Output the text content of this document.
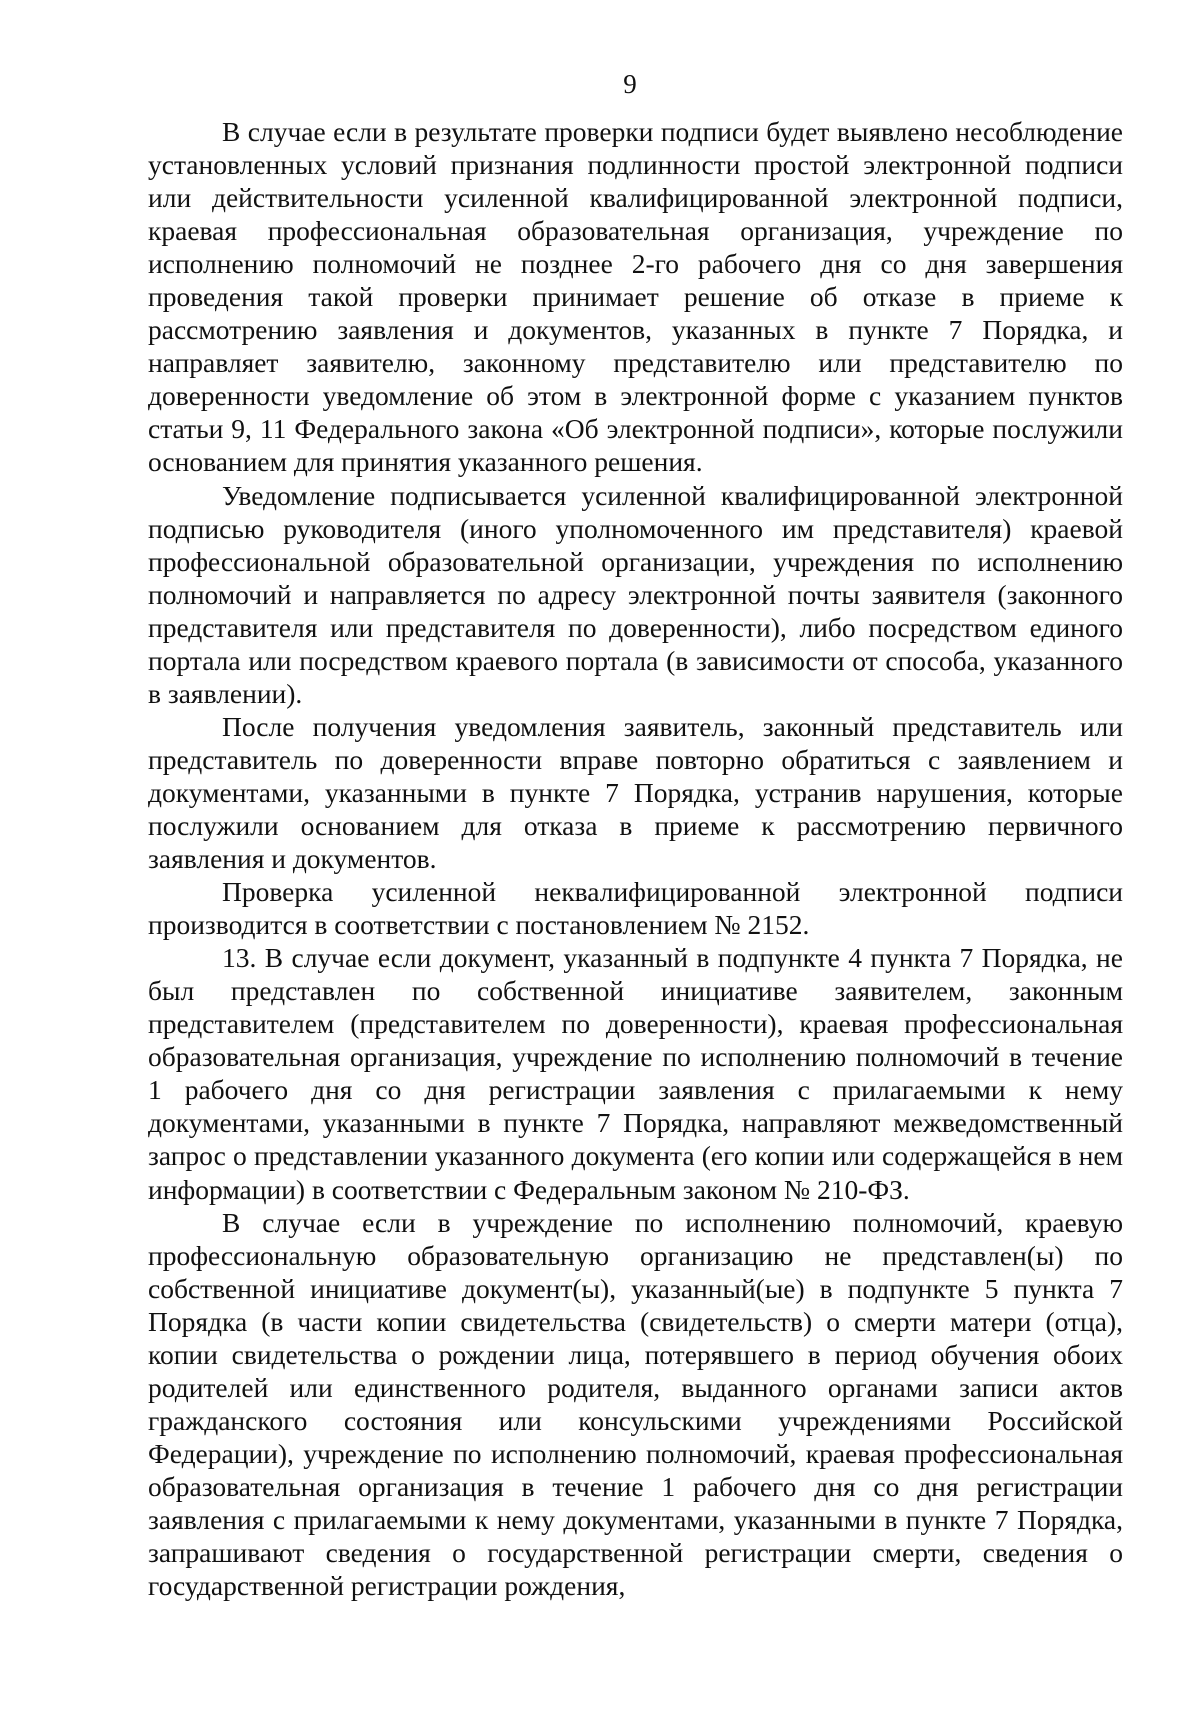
9

В случае если в результате проверки подписи будет выявлено несоблюдение установленных условий признания подлинности простой электронной подписи или действительности усиленной квалифицированной электронной подписи, краевая профессиональная образовательная организация, учреждение по исполнению полномочий не позднее 2-го рабочего дня со дня завершения проведения такой проверки принимает решение об отказе в приеме к рассмотрению заявления и документов, указанных в пункте 7 Порядка, и направляет заявителю, законному представителю или представителю по доверенности уведомление об этом в электронной форме с указанием пунктов статьи 9, 11 Федерального закона «Об электронной подписи», которые послужили основанием для принятия указанного решения.

Уведомление подписывается усиленной квалифицированной электронной подписью руководителя (иного уполномоченного им представителя) краевой профессиональной образовательной организации, учреждения по исполнению полномочий и направляется по адресу электронной почты заявителя (законного представителя или представителя по доверенности), либо посредством единого портала или посредством краевого портала (в зависимости от способа, указанного в заявлении).

После получения уведомления заявитель, законный представитель или представитель по доверенности вправе повторно обратиться с заявлением и документами, указанными в пункте 7 Порядка, устранив нарушения, которые послужили основанием для отказа в приеме к рассмотрению первичного заявления и документов.

Проверка усиленной неквалифицированной электронной подписи производится в соответствии с постановлением № 2152.

13. В случае если документ, указанный в подпункте 4 пункта 7 Порядка, не был представлен по собственной инициативе заявителем, законным представителем (представителем по доверенности), краевая профессиональная образовательная организация, учреждение по исполнению полномочий в течение 1 рабочего дня со дня регистрации заявления с прилагаемыми к нему документами, указанными в пункте 7 Порядка, направляют межведомственный запрос о представлении указанного документа (его копии или содержащейся в нем информации) в соответствии с Федеральным законом № 210-ФЗ.

В случае если в учреждение по исполнению полномочий, краевую профессиональную образовательную организацию не представлен(ы) по собственной инициативе документ(ы), указанный(ые) в подпункте 5 пункта 7 Порядка (в части копии свидетельства (свидетельств) о смерти матери (отца), копии свидетельства о рождении лица, потерявшего в период обучения обоих родителей или единственного родителя, выданного органами записи актов гражданского состояния или консульскими учреждениями Российской Федерации), учреждение по исполнению полномочий, краевая профессиональная образовательная организация в течение 1 рабочего дня со дня регистрации заявления с прилагаемыми к нему документами, указанными в пункте 7 Порядка, запрашивают сведения о государственной регистрации смерти, сведения о государственной регистрации рождения,
